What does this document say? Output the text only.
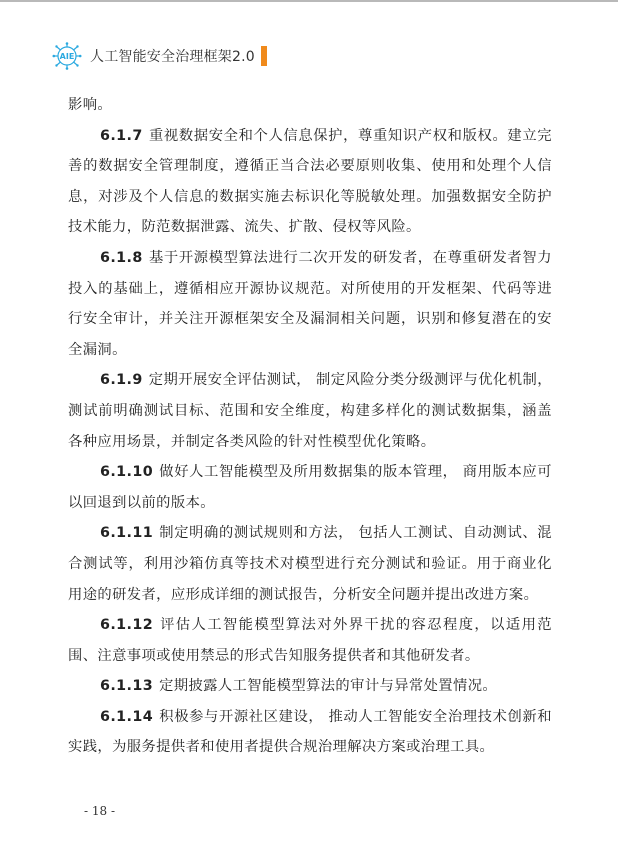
AIE 人工智能安全治理框架2.0

影响。

6.1.7 重视数据安全和个人信息保护，尊重知识产权和版权。建立完善的数据安全管理制度，遵循正当合法必要原则收集、使用和处理个人信息，对涉及个人信息的数据实施去标识化等脱敏处理。加强数据安全防护技术能力，防范数据泄露、流失、扩散、侵权等风险。

6.1.8 基于开源模型算法进行二次开发的研发者，在尊重研发者智力投入的基础上，遵循相应开源协议规范。对所使用的开发框架、代码等进行安全审计，并关注开源框架安全及漏洞相关问题，识别和修复潜在的安全漏洞。

6.1.9 定期开展安全评估测试， 制定风险分类分级测评与优化机制，测试前明确测试目标、范围和安全维度，构建多样化的测试数据集，涵盖各种应用场景，并制定各类风险的针对性模型优化策略。

6.1.10 做好人工智能模型及所用数据集的版本管理， 商用版本应可以回退到以前的版本。

6.1.11 制定明确的测试规则和方法， 包括人工测试、自动测试、混合测试等，利用沙箱仿真等技术对模型进行充分测试和验证。用于商业化用途的研发者，应形成详细的测试报告，分析安全问题并提出改进方案。

6.1.12 评估人工智能模型算法对外界干扰的容忍程度，以适用范围、注意事项或使用禁忌的形式告知服务提供者和其他研发者。

6.1.13 定期披露人工智能模型算法的审计与异常处置情况。

6.1.14 积极参与开源社区建设， 推动人工智能安全治理技术创新和实践，为服务提供者和使用者提供合规治理解决方案或治理工具。

- 18 -
